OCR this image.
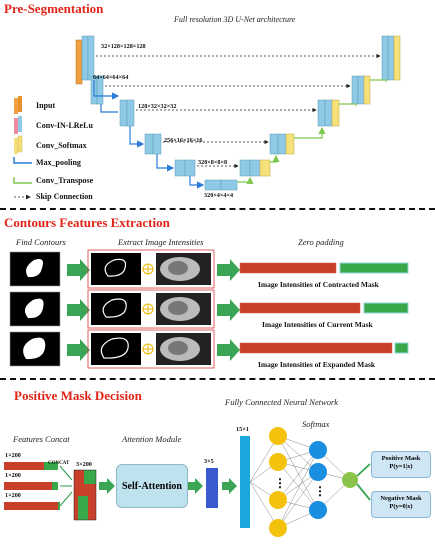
Pre-Segmentation
Full resolution 3D U-Net architecture
32×128×128×128
64×64×64×64
128×32×32×32
256×16×16×16
320×8×8×8
320×4×4×4
Input
Conv-IN-LReLu
Conv_Softmax
Max_pooling
Conv_Transpose
Skip Connection
Contours Features Extraction
Find Contours	Extract Image Intensities	Zero padding
Image Intensities of Contracted Mask
Image Intensities of Current Mask
Image Intensities of Expanded Mask
Positive Mask Decision	Fully Connected Neural Network
Softmax
Features Concat	Attention Module
1×200
1×200
1×200
CONCAT 3×200
Self-Attention
3×5
15×1
⋮
⋮
Positive Mask
P(y=1|x)
Negative Mask
P(y=0|x)
